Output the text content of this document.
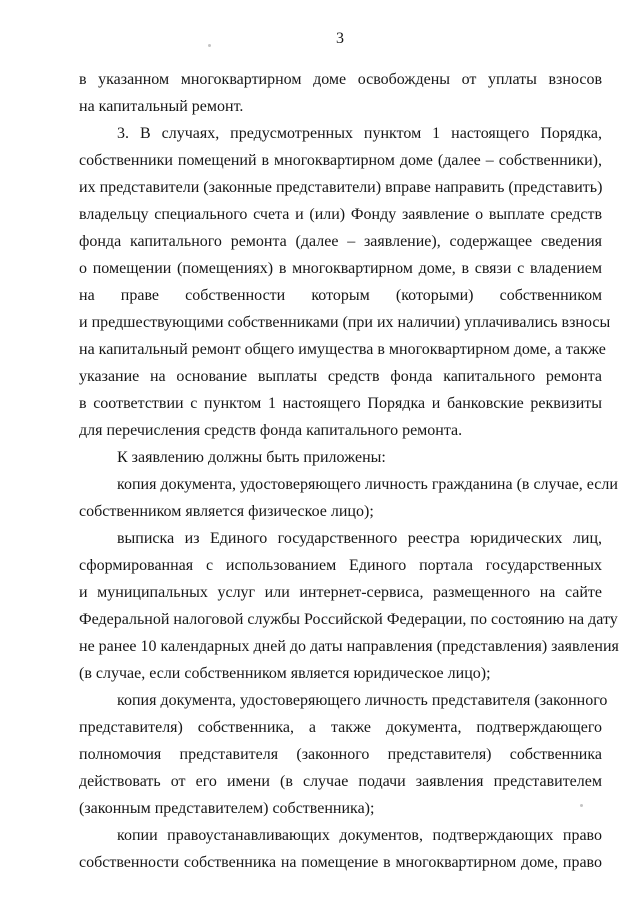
3
в указанном многоквартирном доме освобождены от уплаты взносов
на капитальный ремонт.
3. В случаях, предусмотренных пунктом 1 настоящего Порядка,
собственники помещений в многоквартирном доме (далее – собственники),
их представители (законные представители) вправе направить (представить)
владельцу специального счета и (или) Фонду заявление о выплате средств
фонда капитального ремонта (далее – заявление), содержащее сведения
о помещении (помещениях) в многоквартирном доме, в связи с владением
на праве собственности которым (которыми) собственником
и предшествующими собственниками (при их наличии) уплачивались взносы
на капитальный ремонт общего имущества в многоквартирном доме, а также
указание на основание выплаты средств фонда капитального ремонта
в соответствии с пунктом 1 настоящего Порядка и банковские реквизиты
для перечисления средств фонда капитального ремонта.
К заявлению должны быть приложены:
копия документа, удостоверяющего личность гражданина (в случае, если
собственником является физическое лицо);
выписка из Единого государственного реестра юридических лиц,
сформированная с использованием Единого портала государственных
и муниципальных услуг или интернет-сервиса, размещенного на сайте
Федеральной налоговой службы Российской Федерации, по состоянию на дату
не ранее 10 календарных дней до даты направления (представления) заявления
(в случае, если собственником является юридическое лицо);
копия документа, удостоверяющего личность представителя (законного
представителя) собственника, а также документа, подтверждающего
полномочия представителя (законного представителя) собственника
действовать от его имени (в случае подачи заявления представителем
(законным представителем) собственника);
копии правоустанавливающих документов, подтверждающих право
собственности собственника на помещение в многоквартирном доме, право
